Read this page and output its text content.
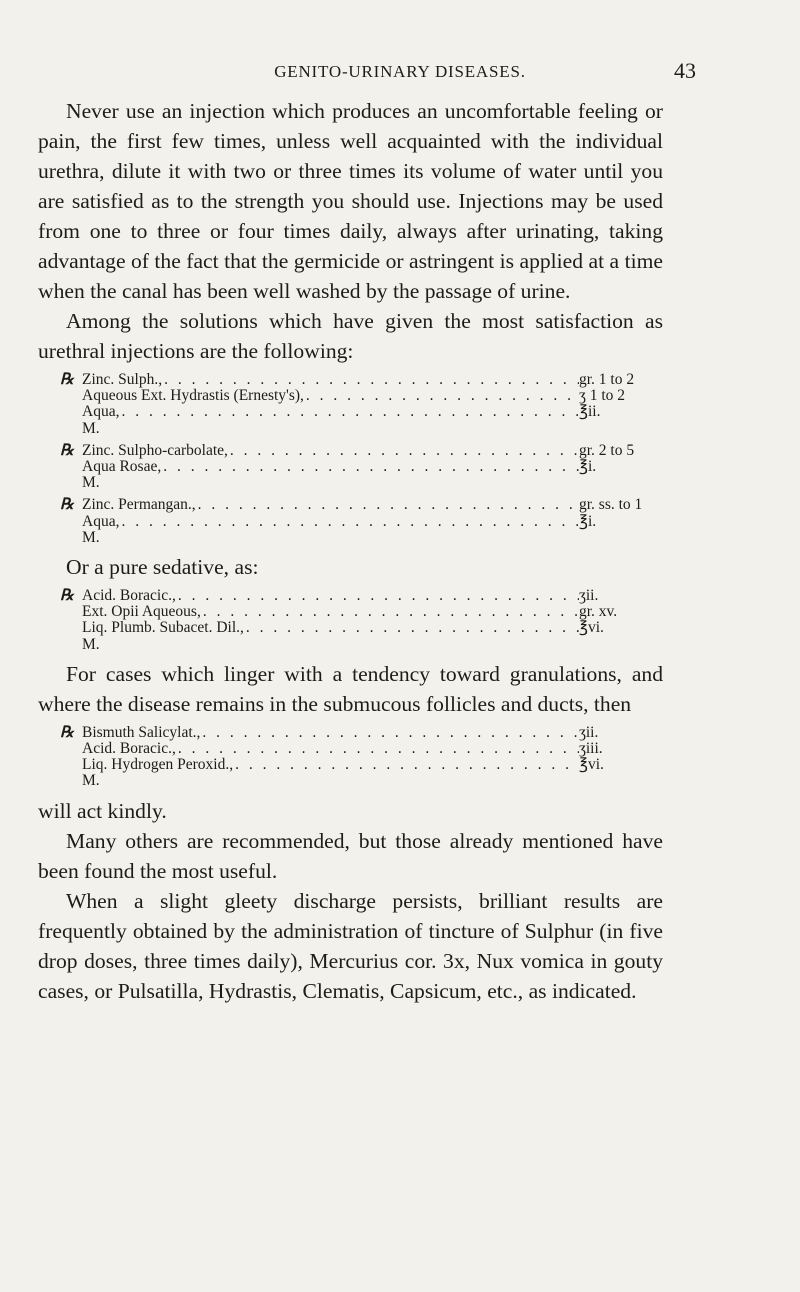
GENITO-URINARY DISEASES.	43

Never use an injection which produces an uncomfortable feeling or pain, the first few times, unless well acquainted with the individual urethra, dilute it with two or three times its volume of water until you are satisfied as to the strength you should use. Injections may be used from one to three or four times daily, always after urinating, taking advantage of the fact that the germicide or astringent is applied at a time when the canal has been well washed by the passage of urine.

Among the solutions which have given the most satisfaction as urethral injections are the following:

℞ Zinc. Sulph., . . .	gr. 1 to 2
Aqueous Ext. Hydrastis (Ernesty's), . . .	ʒ 1 to 2
Aqua, . . .	℥ii.
M.
℞ Zinc. Sulpho-carbolate, . . .	gr. 2 to 5
Aqua Rosae, . . .	℥i.
M.
℞ Zinc. Permangan., . . .	gr. ss. to 1
Aqua, . . .	℥i.
M.

Or a pure sedative, as:

℞ Acid. Boracic., . . .	ʒii.
Ext. Opii Aqueous, . . .	gr. xv.
Liq. Plumb. Subacet. Dil., . . .	℥vi.
M.

For cases which linger with a tendency toward granulations, and where the disease remains in the submucous follicles and ducts, then

℞ Bismuth Salicylat., . . .	ʒii.
Acid. Boracic., . . .	ʒiii.
Liq. Hydrogen Peroxid., . . .	℥vi.
M.

will act kindly.

Many others are recommended, but those already mentioned have been found the most useful.

When a slight gleety discharge persists, brilliant results are frequently obtained by the administration of tincture of Sulphur (in five drop doses, three times daily), Mercurius cor. 3x, Nux vomica in gouty cases, or Pulsatilla, Hydrastis, Clematis, Capsicum, etc., as indicated.
